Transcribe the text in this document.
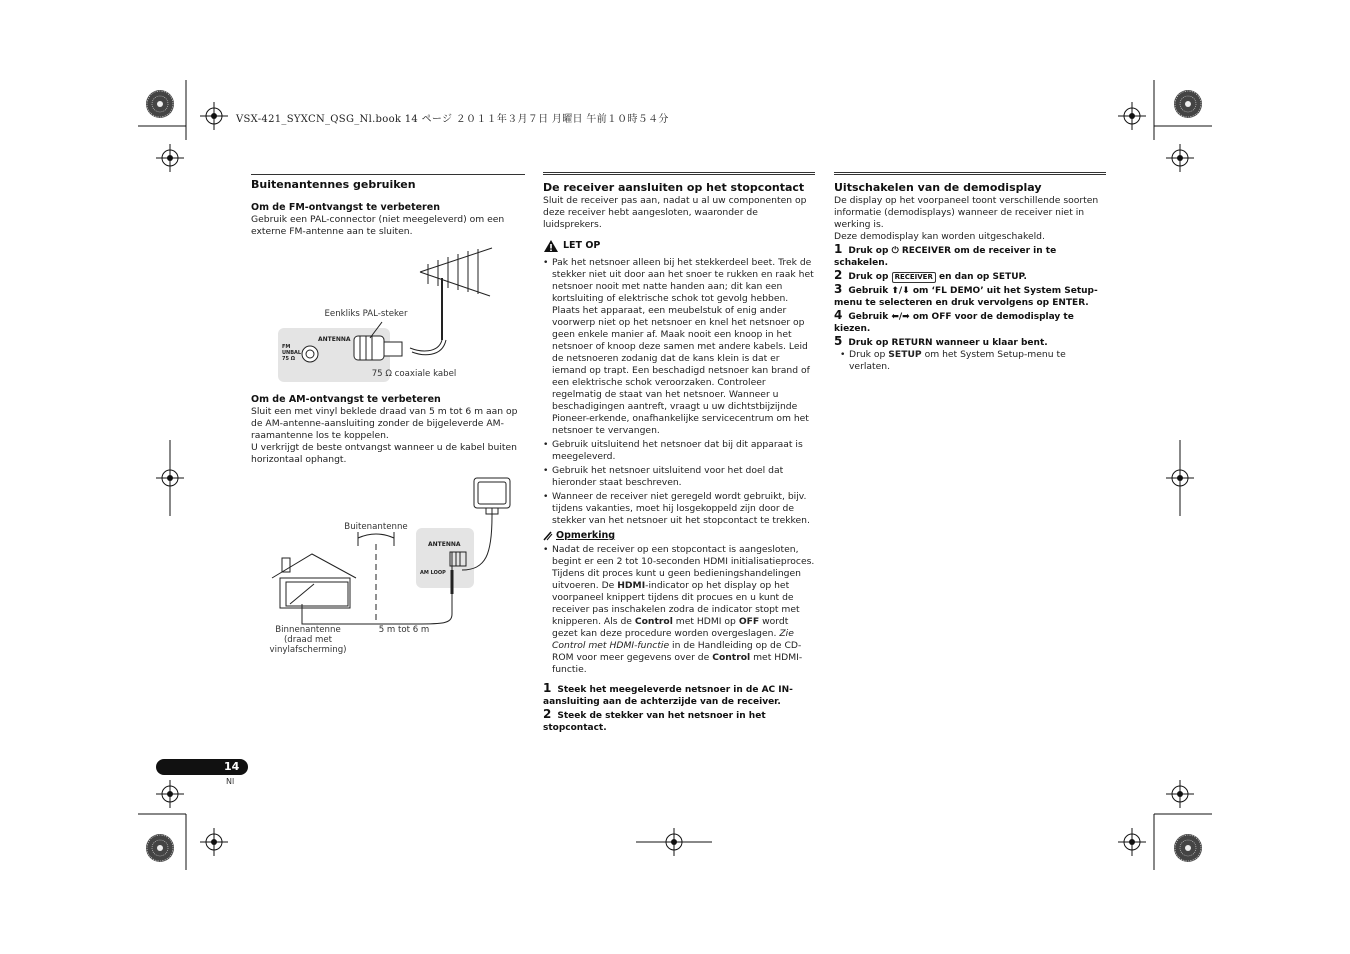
VSX-421_SYXCN_QSG_Nl.book 14 ページ ２０１１年３月７日 月曜日 午前１０時５４分

Buitenantennes gebruiken

Om de FM-ontvangst te verbeteren

Gebruik een PAL-connector (niet meegeleverd) om een externe FM-antenne aan te sluiten.

ANTENNA
FM
UNBAL
75 Ω
Eenkliks PAL-steker
75 Ω coaxiale kabel

Om de AM-ontvangst te verbeteren

Sluit een met vinyl beklede draad van 5 m tot 6 m aan op de AM-antenne-aansluiting zonder de bijgeleverde AM-raamantenne los te koppelen.

U verkrijgt de beste ontvangst wanneer u de kabel buiten horizontaal ophangt.

ANTENNA
AM LOOP
Buitenantenne
Binnenantenne
(draad met
vinylafscherming)
5 m tot 6 m

De receiver aansluiten op het stopcontact

Sluit de receiver pas aan, nadat u al uw componenten op deze receiver hebt aangesloten, waaronder de luidsprekers.

LET OP
• Pak het netsnoer alleen bij het stekkerdeel beet. Trek de stekker niet uit door aan het snoer te rukken en raak het netsnoer nooit met natte handen aan; dit kan een kortsluiting of elektrische schok tot gevolg hebben. Plaats het apparaat, een meubelstuk of enig ander voorwerp niet op het netsnoer en knel het netsnoer op geen enkele manier af. Maak nooit een knoop in het netsnoer of knoop deze samen met andere kabels. Leid de netsnoeren zodanig dat de kans klein is dat er iemand op trapt. Een beschadigd netsnoer kan brand of een elektrische schok veroorzaken. Controleer regelmatig de staat van het netsnoer. Wanneer u beschadigingen aantreft, vraagt u uw dichtstbijzijnde Pioneer-erkende, onafhankelijke servicecentrum om het netsnoer te vervangen.
• Gebruik uitsluitend het netsnoer dat bij dit apparaat is meegeleverd.
• Gebruik het netsnoer uitsluitend voor het doel dat hieronder staat beschreven.
• Wanneer de receiver niet geregeld wordt gebruikt, bijv. tijdens vakanties, moet hij losgekoppeld zijn door de stekker van het netsnoer uit het stopcontact te trekken.
Opmerking
• Nadat de receiver op een stopcontact is aangesloten, begint er een 2 tot 10-seconden HDMI initialisatieproces. Tijdens dit proces kunt u geen bedieningshandelingen uitvoeren. De HDMI-indicator op het display op het voorpaneel knippert tijdens dit procues en u kunt de receiver pas inschakelen zodra de indicator stopt met knipperen. Als de Control met HDMI op OFF wordt gezet kan deze procedure worden overgeslagen. Zie Control met HDMI-functie in de Handleiding op de CD-ROM voor meer gegevens over de Control met HDMI-functie.

1 Steek het meegeleverde netsnoer in de AC IN-aansluiting aan de achterzijde van de receiver.

2 Steek de stekker van het netsnoer in het stopcontact.

Uitschakelen van de demodisplay

De display op het voorpaneel toont verschillende soorten informatie (demodisplays) wanneer de receiver niet in werking is.

Deze demodisplay kan worden uitgeschakeld.

1 Druk op ⏻ RECEIVER om de receiver in te schakelen.

2 Druk op RECEIVER en dan op SETUP.

3 Gebruik ⬆/⬇ om ‘FL DEMO’ uit het System Setup-menu te selecteren en druk vervolgens op ENTER.

4 Gebruik ⬅/➡ om OFF voor de demodisplay te kiezen.

5 Druk op RETURN wanneer u klaar bent.

• Druk op SETUP om het System Setup-menu te verlaten.
14
Nl
